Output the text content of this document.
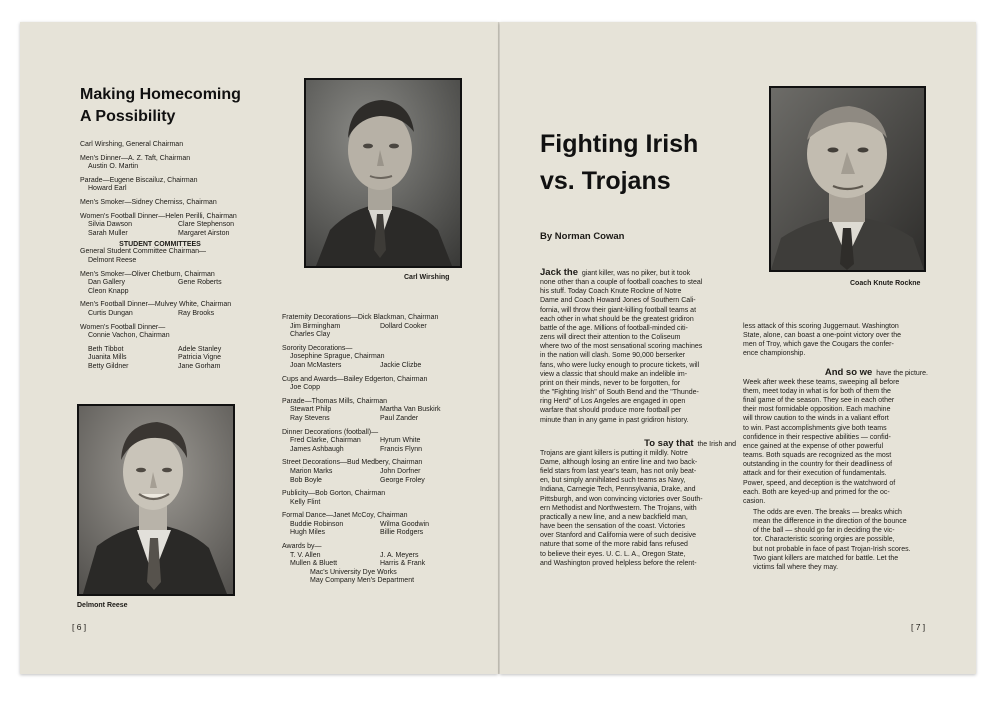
Making Homecoming
A Possibility
Carl Wirshing, General Chairman
Men's Dinner—A. Z. Taft, Chairman
Austin O. Martin
Parade—Eugene Biscailuz, Chairman
Howard Earl
Men's Smoker—Sidney Cherniss, Chairman
Women's Football Dinner—Helen Perilli, Chairman
Silvia Dawson	Clare Stephenson
Sarah Muller	Margaret Airston
STUDENT COMMITTEES
General Student Committee Chairman—
Delmont Reese
Men's Smoker—Oliver Chetburn, Chairman
Dan Gallery	Gene Roberts
Cleon Knapp
Men's Football Dinner—Mulvey White, Chairman
Curtis Dungan	Ray Brooks
Women's Football Dinner—
Connie Vachon, Chairman
Beth Tibbot	Adele Stanley
Juanita Mills	Patricia Vigne
Betty Gildner	Jane Gorham
Carl Wirshing
Fraternity Decorations—Dick Blackman, Chairman
Jim Birmingham	Dollard Cooker
Charles Clay
Sorority Decorations—
Josephine Sprague, Chairman
Joan McMasters	Jackie Clizbe
Cups and Awards—Bailey Edgerton, Chairman
Joe Copp
Parade—Thomas Mills, Chairman
Stewart Philp	Martha Van Buskirk
Ray Stevens	Paul Zander
Dinner Decorations (football)—
Fred Clarke, Chairman	Hyrum White
James Ashbaugh	Francis Flynn
Street Decorations—Bud Medbery, Chairman
Marion Marks	John Dorfner
Bob Boyle	George Froley
Publicity—Bob Gorton, Chairman
Kelly Flint
Formal Dance—Janet McCoy, Chairman
Buddie Robinson	Wilma Goodwin
Hugh Miles	Billie Rodgers
Awards by—
T. V. Allen	J. A. Meyers
Mullen & Bluett	Harris & Frank
Mac's University Dye Works
May Company Men's Department
Delmont Reese
[ 6 ]
Fighting Irish
vs. Trojans
By Norman Cowan
Coach Knute Rockne
Jack the giant killer, was no piker, but it took
none other than a couple of football coaches to steal
his stuff. Today Coach Knute Rockne of Notre
Dame and Coach Howard Jones of Southern Cali-
fornia, will throw their giant-killing football teams at
each other in what should be the greatest gridiron
battle of the age. Millions of football-minded citi-
zens will direct their attention to the Coliseum
where two of the most sensational scoring machines
in the nation will clash. Some 90,000 berserker
fans, who were lucky enough to procure tickets, will
view a classic that should make an indelible im-
print on their minds, never to be forgotten, for
the "Fighting Irish" of South Bend and the "Thunde-
ring Herd" of Los Angeles are engaged in open
warfare that should produce more football per
minute than in any game in past gridiron history.
To say that the Irish and
Trojans are giant killers is putting it mildly. Notre
Dame, although losing an entire line and two back-
field stars from last year's team, has not only beat-
en, but simply annihilated such teams as Navy,
Indiana, Carnegie Tech, Pennsylvania, Drake, and
Pittsburgh, and won convincing victories over South-
ern Methodist and Northwestern. The Trojans, with
practically a new line, and a new backfield man,
have been the sensation of the coast. Victories
over Stanford and California were of such decisive
nature that some of the more rabid fans refused
to believe their eyes. U. C. L. A., Oregon State,
and Washington proved helpless before the relent-
less attack of this scoring Juggernaut. Washington
State, alone, can boast a one-point victory over the
men of Troy, which gave the Cougars the confer-
ence championship.
And so we have the picture.
Week after week these teams, sweeping all before
them, meet today in what is for both of them the
final game of the season. They see in each other
their most formidable opposition. Each machine
will throw caution to the winds in a valiant effort
to win. Past accomplishments give both teams
confidence in their respective abilities — confid-
ence gained at the expense of other powerful
teams. Both squads are recognized as the most
outstanding in the country for their deadliness of
attack and for their execution of fundamentals.
Power, speed, and deception is the watchword of
each. Both are keyed-up and primed for the oc-
casion.
The odds are even. The breaks — breaks which
mean the difference in the direction of the bounce
of the ball — should go far in deciding the vic-
tor. Characteristic scoring orgies are possible,
but not probable in face of past Trojan-Irish scores.
Two giant killers are matched for battle. Let the
victims fall where they may.
[ 7 ]
